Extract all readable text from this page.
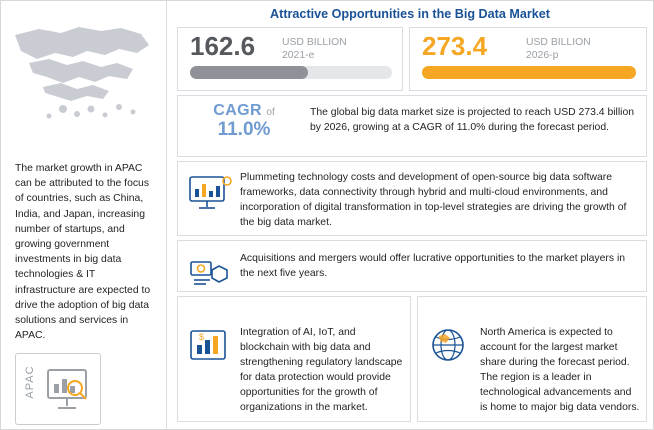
The market growth in APAC can be attributed to the focus of countries, such as China, India, and Japan, increasing number of startups, and growing government investments in big data technologies & IT infrastructure are expected to drive the adoption of big data solutions and services in APAC.
APAC
Attractive Opportunities in the Big Data Market
162.6	USD BILLION
2021-e	273.4	USD BILLION
2026-p
CAGR of
11.0%
The global big data market size is projected to reach USD 273.4 billion by 2026, growing at a CAGR of 11.0% during the forecast period.
Plummeting technology costs and development of open-source big data software frameworks, data connectivity through hybrid and multi-cloud environments, and incorporation of digital transformation in top-level strategies are driving the growth of the big data market.
Acquisitions and mergers would offer lucrative opportunities to the market players in the next five years.
$	Integration of AI, IoT, and blockchain with big data and strengthening regulatory landscape for data protection would provide opportunities for the growth of organizations in the market.
North America is expected to account for the largest market share during the forecast period. The region is a leader in technological advancements and is home to major big data vendors.
